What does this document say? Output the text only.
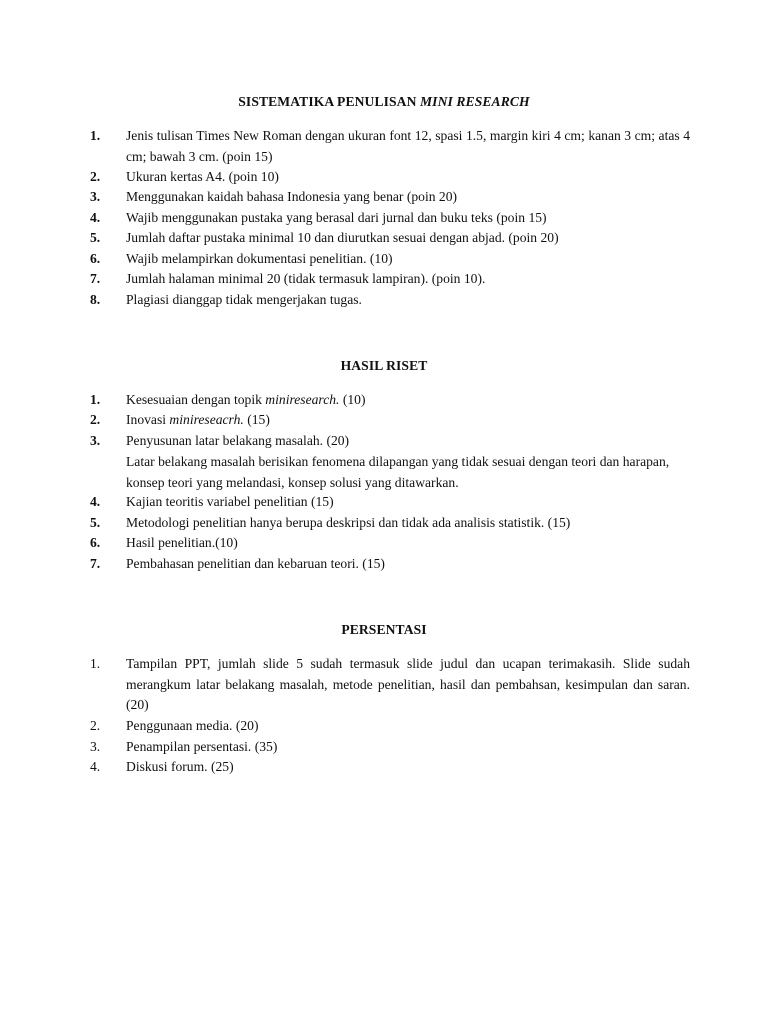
SISTEMATIKA PENULISAN MINI RESEARCH
1.	Jenis tulisan Times New Roman dengan ukuran font 12, spasi 1.5, margin kiri 4 cm; kanan 3 cm; atas 4 cm; bawah 3 cm. (poin 15)
2.	Ukuran kertas A4. (poin 10)
3.	Menggunakan kaidah bahasa Indonesia yang benar (poin 20)
4.	Wajib menggunakan pustaka yang berasal dari jurnal dan buku teks (poin 15)
5.	Jumlah daftar pustaka minimal 10 dan diurutkan sesuai dengan abjad. (poin 20)
6.	Wajib melampirkan dokumentasi penelitian. (10)
7.	Jumlah halaman minimal 20 (tidak termasuk lampiran). (poin 10).
8.	Plagiasi dianggap tidak mengerjakan tugas.
HASIL RISET
1.	Kesesuaian dengan topik miniresearch. (10)
2.	Inovasi minireseacrh. (15)
3.	Penyusunan latar belakang masalah. (20)
Latar belakang masalah berisikan fenomena dilapangan yang tidak sesuai dengan teori dan harapan, konsep teori yang melandasi, konsep solusi yang ditawarkan.
4.	Kajian teoritis variabel penelitian (15)
5.	Metodologi penelitian hanya berupa deskripsi dan tidak ada analisis statistik. (15)
6.	Hasil penelitian.(10)
7.	Pembahasan penelitian dan kebaruan teori. (15)
PERSENTASI
1.	Tampilan PPT, jumlah slide 5 sudah termasuk slide judul dan ucapan terimakasih. Slide sudah merangkum latar belakang masalah, metode penelitian, hasil dan pembahsan, kesimpulan dan saran. (20)
2.	Penggunaan media. (20)
3.	Penampilan persentasi. (35)
4.	Diskusi forum. (25)
